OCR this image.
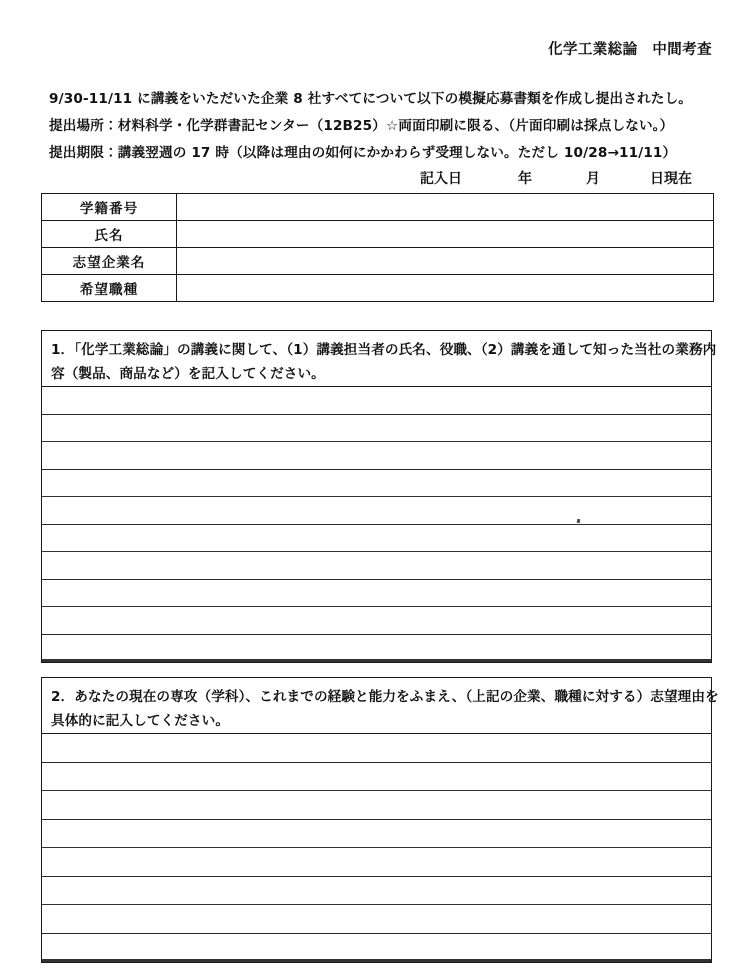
化学工業総論　中間考査
9/30-11/11 に講義をいただいた企業 8 社すべてについて以下の模擬応募書類を作成し提出されたし。
提出場所：材料科学・化学群書記センター（12B25）☆両面印刷に限る、（片面印刷は採点しない。）
提出期限：講義翌週の 17 時（以降は理由の如何にかかわらず受理しない。ただし 10/28→11/11）
記入日	年	月	日現在
学籍番号	
氏名	
志望企業名	
希望職種	
1．「化学工業総論」の講義に関して、（1）講義担当者の氏名、役職、（2）講義を通して知った当社の業務内
容（製品、商品など）を記入してください。
2．あなたの現在の専攻（学科）、これまでの経験と能力をふまえ、（上記の企業、職種に対する）志望理由を
具体的に記入してください。
